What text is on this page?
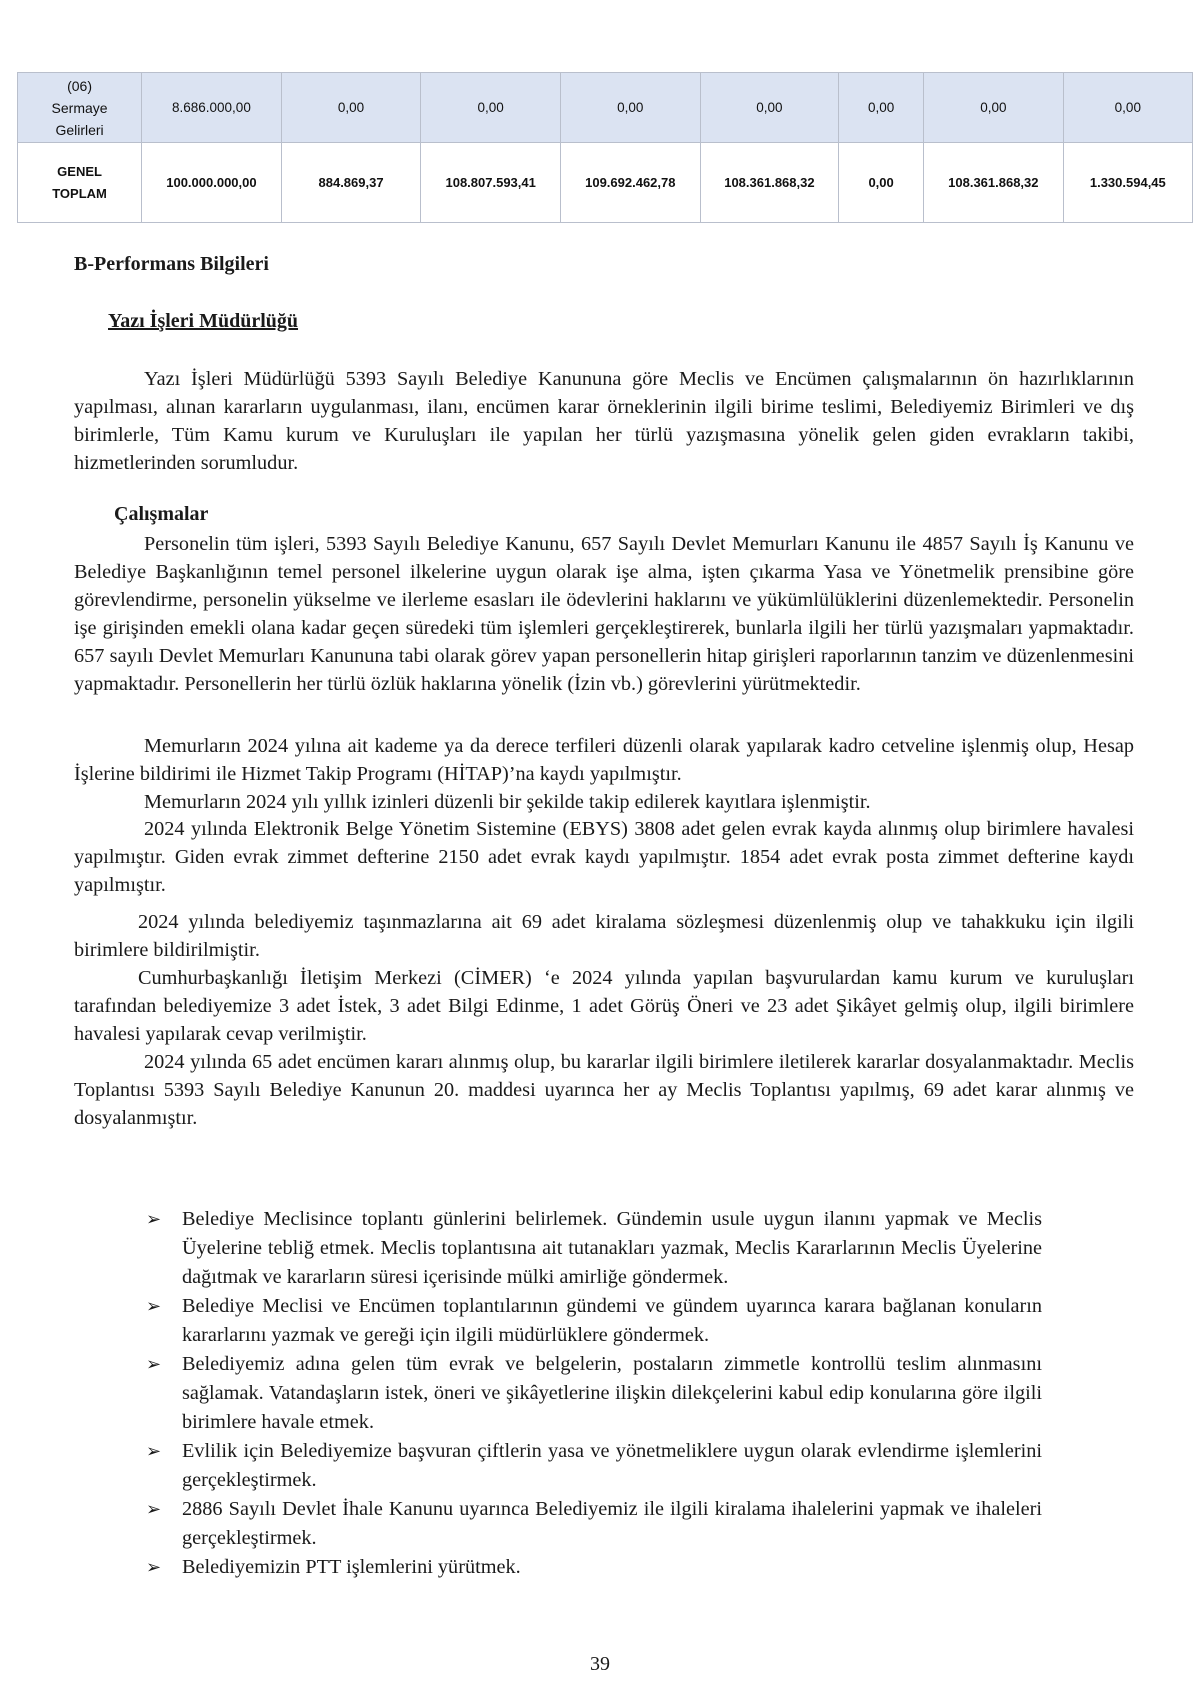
(06)
Sermaye
Gelirleri	8.686.000,00	0,00	0,00	0,00	0,00	0,00	0,00	0,00
GENEL
TOPLAM	100.000.000,00	884.869,37	108.807.593,41	109.692.462,78	108.361.868,32	0,00	108.361.868,32	1.330.594,45
B-Performans Bilgileri
Yazı İşleri Müdürlüğü

Yazı İşleri Müdürlüğü 5393 Sayılı Belediye Kanununa göre Meclis ve Encümen çalışmalarının ön hazırlıklarının yapılması, alınan kararların uygulanması, ilanı, encümen karar örneklerinin ilgili birime teslimi, Belediyemiz Birimleri ve dış birimlerle, Tüm Kamu kurum ve Kuruluşları ile yapılan her türlü yazışmasına yönelik gelen giden evrakların takibi, hizmetlerinden sorumludur.

Çalışmalar

Personelin tüm işleri, 5393 Sayılı Belediye Kanunu, 657 Sayılı Devlet Memurları Kanunu ile 4857 Sayılı İş Kanunu ve Belediye Başkanlığının temel personel ilkelerine uygun olarak işe alma, işten çıkarma Yasa ve Yönetmelik prensibine göre görevlendirme, personelin yükselme ve ilerleme esasları ile ödevlerini haklarını ve yükümlülüklerini düzenlemektedir. Personelin işe girişinden emekli olana kadar geçen süredeki tüm işlemleri gerçekleştirerek, bunlarla ilgili her türlü yazışmaları yapmaktadır. 657 sayılı Devlet Memurları Kanununa tabi olarak görev yapan personellerin hitap girişleri raporlarının tanzim ve düzenlenmesini yapmaktadır. Personellerin her türlü özlük haklarına yönelik (İzin vb.) görevlerini yürütmektedir.

Memurların 2024 yılına ait kademe ya da derece terfileri düzenli olarak yapılarak kadro cetveline işlenmiş olup, Hesap İşlerine bildirimi ile Hizmet Takip Programı (HİTAP)’na kaydı yapılmıştır.

Memurların 2024 yılı yıllık izinleri düzenli bir şekilde takip edilerek kayıtlara işlenmiştir.

2024 yılında Elektronik Belge Yönetim Sistemine (EBYS) 3808 adet gelen evrak kayda alınmış olup birimlere havalesi yapılmıştır. Giden evrak zimmet defterine 2150 adet evrak kaydı yapılmıştır. 1854 adet evrak posta zimmet defterine kaydı yapılmıştır.

2024 yılında belediyemiz taşınmazlarına ait 69 adet kiralama sözleşmesi düzenlenmiş olup ve tahakkuku için ilgili birimlere bildirilmiştir.

Cumhurbaşkanlığı İletişim Merkezi (CİMER) ‘e 2024 yılında yapılan başvurulardan kamu kurum ve kuruluşları tarafından belediyemize 3 adet İstek, 3 adet Bilgi Edinme, 1 adet Görüş Öneri ve 23 adet Şikâyet gelmiş olup, ilgili birimlere havalesi yapılarak cevap verilmiştir.

2024 yılında 65 adet encümen kararı alınmış olup, bu kararlar ilgili birimlere iletilerek kararlar dosyalanmaktadır. Meclis Toplantısı 5393 Sayılı Belediye Kanunun 20. maddesi uyarınca her ay Meclis Toplantısı yapılmış, 69 adet karar alınmış ve dosyalanmıştır.

➢	Belediye Meclisince toplantı günlerini belirlemek. Gündemin usule uygun ilanını yapmak ve Meclis Üyelerine tebliğ etmek. Meclis toplantısına ait tutanakları yazmak, Meclis Kararlarının Meclis Üyelerine dağıtmak ve kararların süresi içerisinde mülki amirliğe göndermek.
➢	Belediye Meclisi ve Encümen toplantılarının gündemi ve gündem uyarınca karara bağlanan konuların kararlarını yazmak ve gereği için ilgili müdürlüklere göndermek.
➢	Belediyemiz adına gelen tüm evrak ve belgelerin, postaların zimmetle kontrollü teslim alınmasını sağlamak. Vatandaşların istek, öneri ve şikâyetlerine ilişkin dilekçelerini kabul edip konularına göre ilgili birimlere havale etmek.
➢	Evlilik için Belediyemize başvuran çiftlerin yasa ve yönetmeliklere uygun olarak evlendirme işlemlerini gerçekleştirmek.
➢	2886 Sayılı Devlet İhale Kanunu uyarınca Belediyemiz ile ilgili kiralama ihalelerini yapmak ve ihaleleri gerçekleştirmek.
➢	Belediyemizin PTT işlemlerini yürütmek.
39
